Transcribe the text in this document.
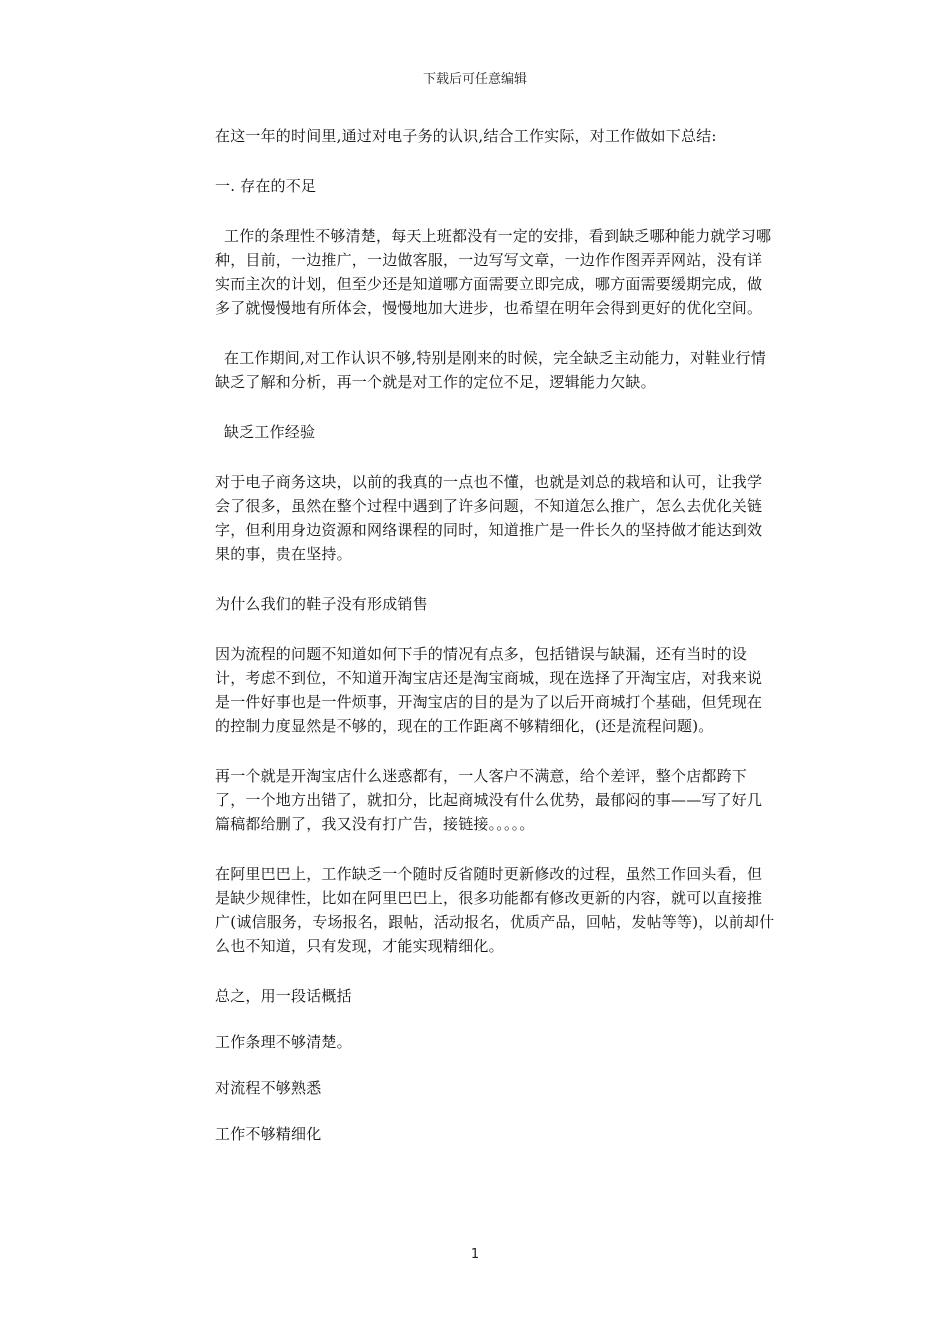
下载后可任意编辑

在这一年的时间里,通过对电子务的认识,结合工作实际，对工作做如下总结:

一. 存在的不足

工作的条理性不够清楚，每天上班都没有一定的安排，看到缺乏哪种能力就学习哪种，目前，一边推广，一边做客服，一边写写文章，一边作作图弄弄网站，没有详实而主次的计划，但至少还是知道哪方面需要立即完成，哪方面需要缓期完成，做多了就慢慢地有所体会，慢慢地加大进步，也希望在明年会得到更好的优化空间。

在工作期间,对工作认识不够,特别是刚来的时候，完全缺乏主动能力，对鞋业行情缺乏了解和分析，再一个就是对工作的定位不足，逻辑能力欠缺。

缺乏工作经验

对于电子商务这块，以前的我真的一点也不懂，也就是刘总的栽培和认可，让我学会了很多，虽然在整个过程中遇到了许多问题，不知道怎么推广，怎么去优化关链字，但利用身边资源和网络课程的同时，知道推广是一件长久的坚持做才能达到效果的事，贵在坚持。

为什么我们的鞋子没有形成销售

因为流程的问题不知道如何下手的情况有点多，包括错误与缺漏，还有当时的设计，考虑不到位，不知道开淘宝店还是淘宝商城，现在选择了开淘宝店，对我来说是一件好事也是一件烦事，开淘宝店的目的是为了以后开商城打个基础，但凭现在的控制力度显然是不够的，现在的工作距离不够精细化，(还是流程问题)。

再一个就是开淘宝店什么迷惑都有，一人客户不满意，给个差评，整个店都跨下了，一个地方出错了，就扣分，比起商城没有什么优势，最郁闷的事——写了好几篇稿都给删了，我又没有打广告，接链接。。。。。

在阿里巴巴上，工作缺乏一个随时反省随时更新修改的过程，虽然工作回头看，但是缺少规律性，比如在阿里巴巴上，很多功能都有修改更新的内容，就可以直接推广(诚信服务，专场报名，跟帖，活动报名，优质产品，回帖，发帖等等)，以前却什么也不知道，只有发现，才能实现精细化。

总之，用一段话概括

工作条理不够清楚。

对流程不够熟悉

工作不够精细化

1
